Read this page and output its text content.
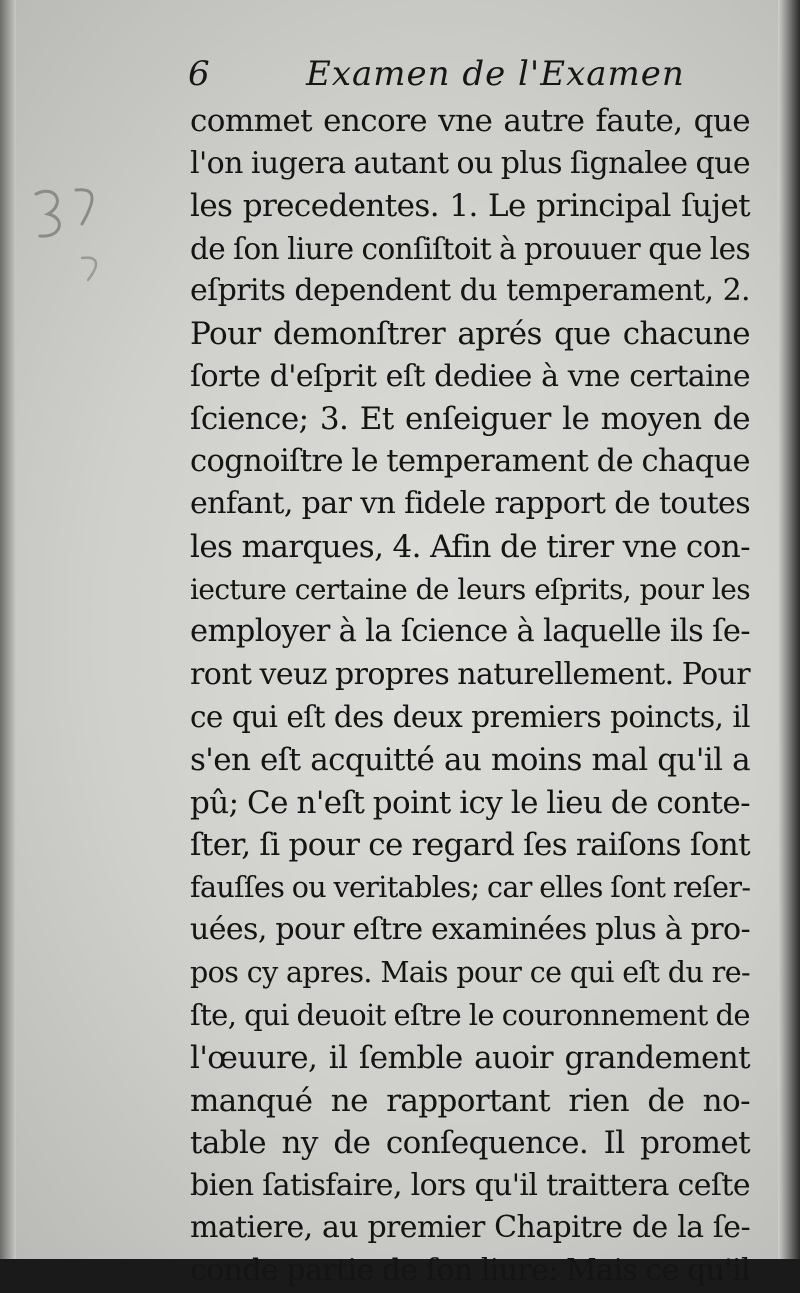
6	Examen de l'Examen
commet encore vne autre faute, que
l'on iugera autant ou plus ſignalee que
les precedentes. 1. Le principal ſujet
de ſon liure conſiſtoit à prouuer que les
eſprits dependent du temperament, 2.
Pour demonſtrer aprés que chacune
ſorte d'eſprit eſt dediee à vne certaine
ſcience; 3. Et enſeiguer le moyen de
cognoiſtre le temperament de chaque
enfant, par vn fidele rapport de toutes
les marques, 4. Afin de tirer vne con-
iecture certaine de leurs eſprits, pour les
employer à la ſcience à laquelle ils ſe-
ront veuz propres naturellement. Pour
ce qui eſt des deux premiers poincts, il
s'en eſt acquitté au moins mal qu'il a
pû; Ce n'eſt point icy le lieu de conte-
ſter, ſi pour ce regard ſes raiſons ſont
fauſſes ou veritables; car elles ſont reſer-
uées, pour eſtre examinées plus à pro-
pos cy apres. Mais pour ce qui eſt du re-
ſte, qui deuoit eſtre le couronnement de
l'œuure, il ſemble auoir grandement
manqué ne rapportant rien de no-
table ny de conſequence. Il promet
bien ſatisfaire, lors qu'il traittera ceſte
matiere, au premier Chapitre de la ſe-
conde partie de ſon liure: Mais ce qu'il
